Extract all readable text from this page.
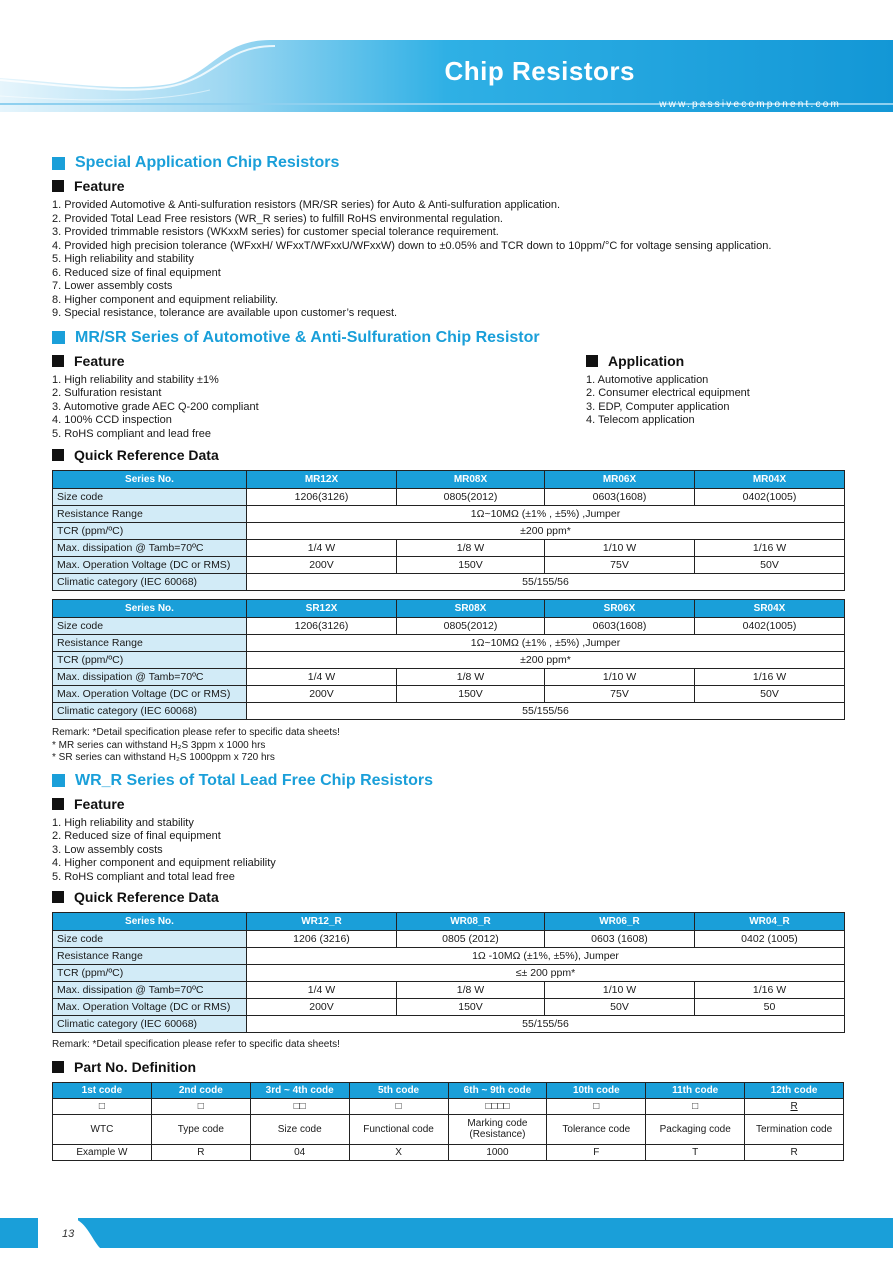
Chip Resistors
www.passivecomponent.com
Special Application Chip Resistors
Feature
1. Provided Automotive & Anti-sulfuration resistors (MR/SR series) for Auto & Anti-sulfuration application.
2. Provided Total Lead Free resistors (WR_R series) to fulfill RoHS environmental regulation.
3. Provided trimmable resistors (WKxxM series) for customer special tolerance requirement.
4. Provided high precision tolerance (WFxxH/ WFxxT/WFxxU/WFxxW) down to ±0.05% and TCR down to 10ppm/°C for voltage sensing application.
5. High reliability and stability
6. Reduced size of final equipment
7. Lower assembly costs
8. Higher component and equipment reliability.
9. Special resistance, tolerance are available upon customer’s request.
MR/SR Series of Automotive & Anti-Sulfuration Chip Resistor
Feature
1. High reliability and stability ±1%
2. Sulfuration resistant
3. Automotive grade AEC Q-200 compliant
4. 100% CCD inspection
5. RoHS compliant and lead free
Application
1. Automotive application
2. Consumer electrical equipment
3. EDP, Computer application
4. Telecom application
Quick Reference Data
Series No.	MR12X	MR08X	MR06X	MR04X
Size code	1206(3126)	0805(2012)	0603(1608)	0402(1005)
Resistance Range	1Ω~10MΩ (±1% , ±5%) ,Jumper			
TCR (ppm/ºC)	±200 ppm*			
Max. dissipation @ Tamb=70ºC	1/4 W	1/8 W	1/10 W	1/16 W
Max. Operation Voltage (DC or RMS)	200V	150V	75V	50V
Climatic category (IEC 60068)	55/155/56			
Series No.	SR12X	SR08X	SR06X	SR04X
Size code	1206(3126)	0805(2012)	0603(1608)	0402(1005)
Resistance Range	1Ω~10MΩ (±1% , ±5%) ,Jumper			
TCR (ppm/ºC)	±200 ppm*			
Max. dissipation @ Tamb=70ºC	1/4 W	1/8 W	1/10 W	1/16 W
Max. Operation Voltage (DC or RMS)	200V	150V	75V	50V
Climatic category (IEC 60068)	55/155/56			
Remark: *Detail specification please refer to specific data sheets!
* MR series can withstand H₂S 3ppm x 1000 hrs
* SR series can withstand H₂S 1000ppm x 720 hrs
WR_R Series of Total Lead Free Chip Resistors
Feature
1. High reliability and stability
2. Reduced size of final equipment
3. Low assembly costs
4. Higher component and equipment reliability
5. RoHS compliant and total lead free
Quick Reference Data
Series No.	WR12_R	WR08_R	WR06_R	WR04_R
Size code	1206 (3216)	0805 (2012)	0603 (1608)	0402 (1005)
Resistance Range	1Ω -10MΩ (±1%, ±5%), Jumper			
TCR (ppm/ºC)	≤± 200 ppm*			
Max. dissipation @ Tamb=70ºC	1/4 W	1/8 W	1/10 W	1/16 W
Max. Operation Voltage (DC or RMS)	200V	150V	50V	50
Climatic category (IEC 60068)	55/155/56			
Remark: *Detail specification please refer to specific data sheets!
Part No. Definition
1st code	2nd code	3rd ~ 4th code	5th code	6th ~ 9th code	10th code	11th code	12th code
□	□	□□	□	□□□□	□	□	R
WTC	Type code	Size code	Functional code	Marking code (Resistance)	Tolerance code	Packaging code	Termination code
Example W	R	04	X	1000	F	T	R
13
